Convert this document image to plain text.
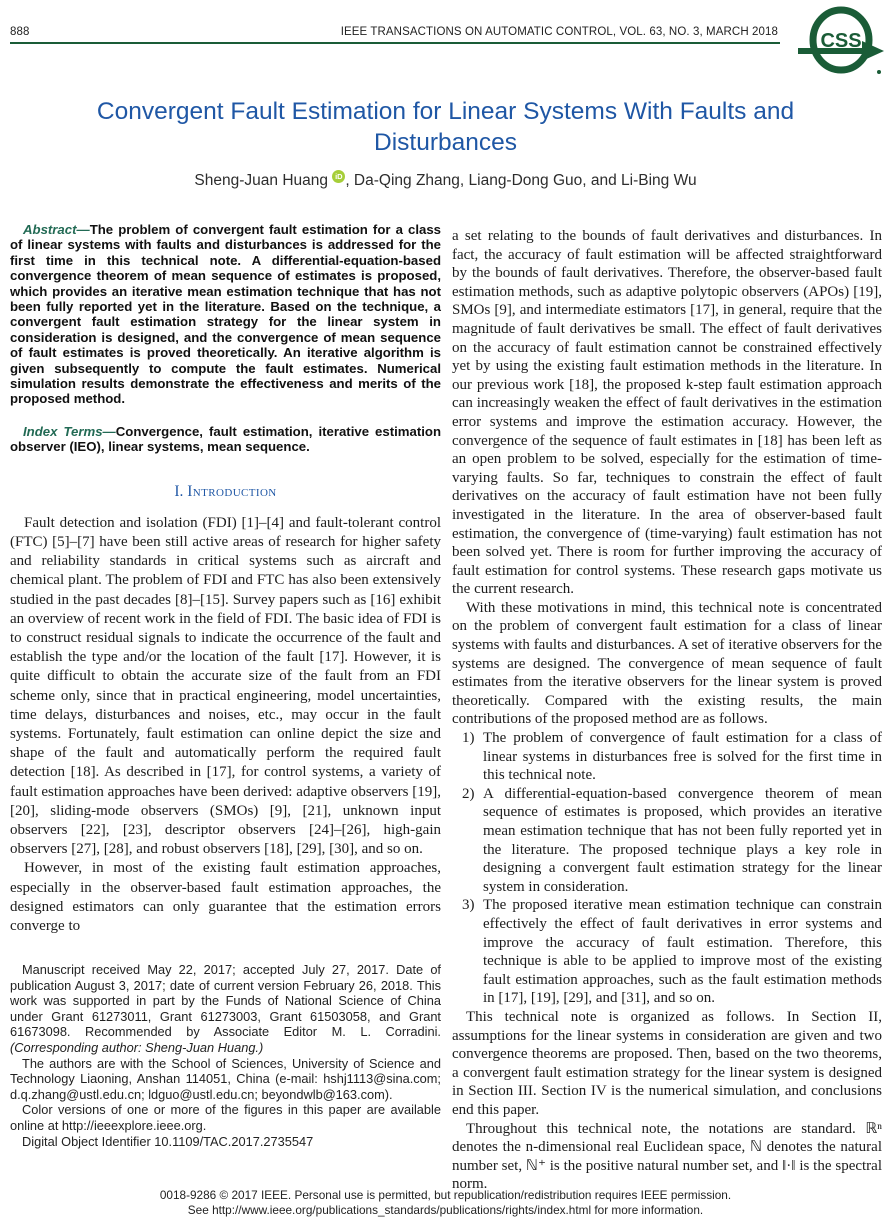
888	IEEE TRANSACTIONS ON AUTOMATIC CONTROL, VOL. 63, NO. 3, MARCH 2018 CSS
Convergent Fault Estimation for Linear Systems With Faults and Disturbances
Sheng-Juan Huang iD , Da-Qing Zhang, Liang-Dong Guo, and Li-Bing Wu

Abstract—The problem of convergent fault estimation for a class of linear systems with faults and disturbances is addressed for the first time in this technical note. A differential-equation-based convergence theorem of mean sequence of estimates is proposed, which provides an iterative mean estimation technique that has not been fully reported yet in the literature. Based on the technique, a convergent fault estimation strategy for the linear system in consideration is designed, and the convergence of mean sequence of fault estimates is proved theoretically. An iterative algorithm is given subsequently to compute the fault estimates. Numerical simulation results demonstrate the effectiveness and merits of the proposed method.

Index Terms—Convergence, fault estimation, iterative estimation observer (IEO), linear systems, mean sequence.

I. Introduction

Fault detection and isolation (FDI) [1]–[4] and fault-tolerant control (FTC) [5]–[7] have been still active areas of research for higher safety and reliability standards in critical systems such as aircraft and chemical plant. The problem of FDI and FTC has also been extensively studied in the past decades [8]–[15]. Survey papers such as [16] exhibit an overview of recent work in the field of FDI. The basic idea of FDI is to construct residual signals to indicate the occurrence of the fault and establish the type and/or the location of the fault [17]. However, it is quite difficult to obtain the accurate size of the fault from an FDI scheme only, since that in practical engineering, model uncertainties, time delays, disturbances and noises, etc., may occur in the fault systems. Fortunately, fault estimation can online depict the size and shape of the fault and automatically perform the required fault detection [18]. As described in [17], for control systems, a variety of fault estimation approaches have been derived: adaptive observers [19], [20], sliding-mode observers (SMOs) [9], [21], unknown input observers [22], [23], descriptor observers [24]–[26], high-gain observers [27], [28], and robust observers [18], [29], [30], and so on.

However, in most of the existing fault estimation approaches, especially in the observer-based fault estimation approaches, the designed estimators can only guarantee that the estimation errors converge to

Manuscript received May 22, 2017; accepted July 27, 2017. Date of publication August 3, 2017; date of current version February 26, 2018. This work was supported in part by the Funds of National Science of China under Grant 61273011, Grant 61273003, Grant 61503058, and Grant 61673098. Recommended by Associate Editor M. L. Corradini. (Corresponding author: Sheng-Juan Huang.)

The authors are with the School of Sciences, University of Science and Technology Liaoning, Anshan 114051, China (e-mail: hshj1113@sina.com; d.q.zhang@ustl.edu.cn; ldguo@ustl.edu.cn; beyondwlb@163.com).

Color versions of one or more of the figures in this paper are available online at http://ieeexplore.ieee.org.

Digital Object Identifier 10.1109/TAC.2017.2735547

a set relating to the bounds of fault derivatives and disturbances. In fact, the accuracy of fault estimation will be affected straightforward by the bounds of fault derivatives. Therefore, the observer-based fault estimation methods, such as adaptive polytopic observers (APOs) [19], SMOs [9], and intermediate estimators [17], in general, require that the magnitude of fault derivatives be small. The effect of fault derivatives on the accuracy of fault estimation cannot be constrained effectively yet by using the existing fault estimation methods in the literature. In our previous work [18], the proposed k-step fault estimation approach can increasingly weaken the effect of fault derivatives in the estimation error systems and improve the estimation accuracy. However, the convergence of the sequence of fault estimates in [18] has been left as an open problem to be solved, especially for the estimation of time-varying faults. So far, techniques to constrain the effect of fault derivatives on the accuracy of fault estimation have not been fully investigated in the literature. In the area of observer-based fault estimation, the convergence of (time-varying) fault estimation has not been solved yet. There is room for further improving the accuracy of fault estimation for control systems. These research gaps motivate us the current research.

With these motivations in mind, this technical note is concentrated on the problem of convergent fault estimation for a class of linear systems with faults and disturbances. A set of iterative observers for the systems are designed. The convergence of mean sequence of fault estimates from the iterative observers for the linear system is proved theoretically. Compared with the existing results, the main contributions of the proposed method are as follows.

1) The problem of convergence of fault estimation for a class of linear systems in disturbances free is solved for the first time in this technical note.

2) A differential-equation-based convergence theorem of mean sequence of estimates is proposed, which provides an iterative mean estimation technique that has not been fully reported yet in the literature. The proposed technique plays a key role in designing a convergent fault estimation strategy for the linear system in consideration.

3) The proposed iterative mean estimation technique can constrain effectively the effect of fault derivatives in error systems and improve the accuracy of fault estimation. Therefore, this technique is able to be applied to improve most of the existing fault estimation approaches, such as the fault estimation methods in [17], [19], [29], and [31], and so on.

This technical note is organized as follows. In Section II, assumptions for the linear systems in consideration are given and two convergence theorems are proposed. Then, based on the two theorems, a convergent fault estimation strategy for the linear system is designed in Section III. Section IV is the numerical simulation, and conclusions end this paper.

Throughout this technical note, the notations are standard. ℝⁿ denotes the n-dimensional real Euclidean space, ℕ denotes the natural number set, ℕ⁺ is the positive natural number set, and ‖·‖ is the spectral norm.

0018-9286 © 2017 IEEE. Personal use is permitted, but republication/redistribution requires IEEE permission.
See http://www.ieee.org/publications_standards/publications/rights/index.html for more information.
